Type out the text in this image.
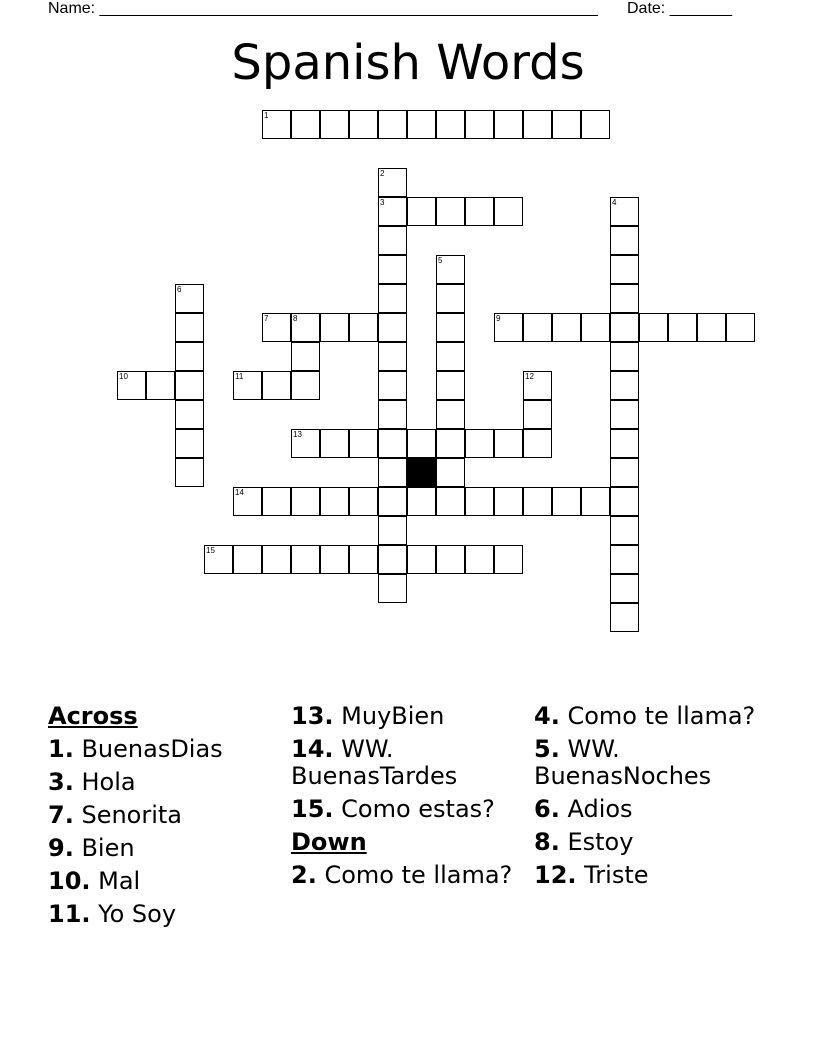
Name: ________________________________________________________ Date: _______
Spanish Words
1
2
3	4
5
6
7	8	9
10	11	12
13
14
15
Across
1. BuenasDias
3. Hola
7. Senorita
9. Bien
10. Mal
11. Yo Soy
13. MuyBien
14. WW. BuenasTardes
15. Como estas?
Down
2. Como te llama?
4. Como te llama?
5. WW. BuenasNoches
6. Adios
8. Estoy
12. Triste
